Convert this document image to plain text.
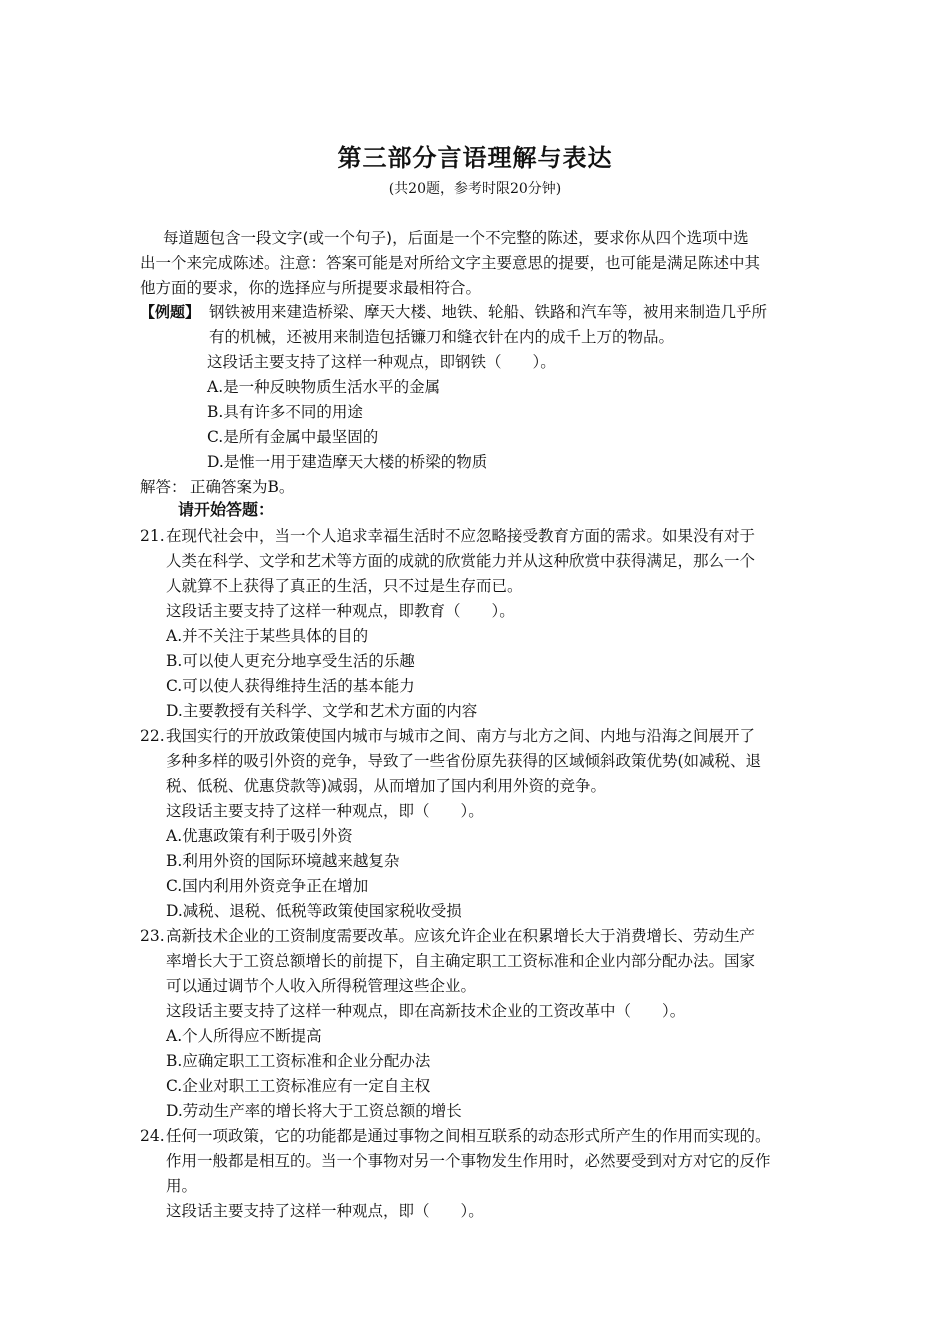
第三部分言语理解与表达
(共20题，参考时限20分钟)
每道题包含一段文字(或一个句子)，后面是一个不完整的陈述，要求你从四个选项中选
出一个来完成陈述。注意：答案可能是对所给文字主要意思的提要，也可能是满足陈述中其
他方面的要求，你的选择应与所提要求最相符合。
【例题】 钢铁被用来建造桥梁、摩天大楼、地铁、轮船、铁路和汽车等，被用来制造几乎所
有的机械，还被用来制造包括镰刀和缝衣针在内的成千上万的物品。
这段话主要支持了这样一种观点，即钢铁（　　）。
A.是一种反映物质生活水平的金属
B.具有许多不同的用途
C.是所有金属中最坚固的
D.是惟一用于建造摩天大楼的桥梁的物质
解答： 正确答案为B。
请开始答题：
21. 在现代社会中，当一个人追求幸福生活时不应忽略接受教育方面的需求。如果没有对于
人类在科学、文学和艺术等方面的成就的欣赏能力并从这种欣赏中获得满足，那么一个
人就算不上获得了真正的生活，只不过是生存而已。
这段话主要支持了这样一种观点，即教育（　　）。
A.并不关注于某些具体的目的
B.可以使人更充分地享受生活的乐趣
C.可以使人获得维持生活的基本能力
D.主要教授有关科学、文学和艺术方面的内容
22. 我国实行的开放政策使国内城市与城市之间、南方与北方之间、内地与沿海之间展开了
多种多样的吸引外资的竞争，导致了一些省份原先获得的区域倾斜政策优势(如减税、退
税、低税、优惠贷款等)减弱，从而增加了国内利用外资的竞争。
这段话主要支持了这样一种观点，即（　　）。
A.优惠政策有利于吸引外资
B.利用外资的国际环境越来越复杂
C.国内利用外资竞争正在增加
D.减税、退税、低税等政策使国家税收受损
23. 高新技术企业的工资制度需要改革。应该允许企业在积累增长大于消费增长、劳动生产
率增长大于工资总额增长的前提下，自主确定职工工资标准和企业内部分配办法。国家
可以通过调节个人收入所得税管理这些企业。
这段话主要支持了这样一种观点，即在高新技术企业的工资改革中（　　）。
A.个人所得应不断提高
B.应确定职工工资标准和企业分配办法
C.企业对职工工资标准应有一定自主权
D.劳动生产率的增长将大于工资总额的增长
24. 任何一项政策，它的功能都是通过事物之间相互联系的动态形式所产生的作用而实现的。
作用一般都是相互的。当一个事物对另一个事物发生作用时，必然要受到对方对它的反作
用。
这段话主要支持了这样一种观点，即（　　）。
